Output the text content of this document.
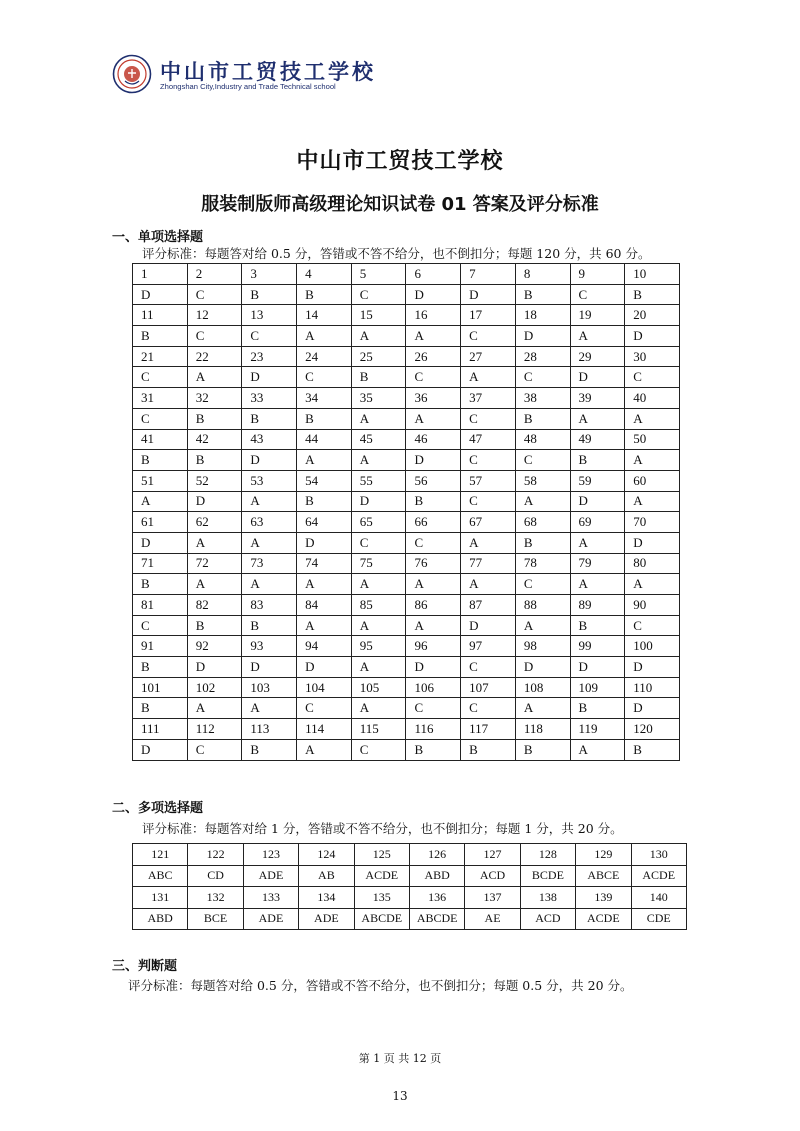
中山市工贸技工学校
Zhongshan City,Industry and Trade Technical school
中山市工贸技工学校
服装制版师高级理论知识试卷 01 答案及评分标准
一、单项选择题
评分标准：每题答对给 0.5 分，答错或不答不给分，也不倒扣分；每题 120 分，共 60 分。
1	2	3	4	5	6	7	8	9	10
D	C	B	B	C	D	D	B	C	B
11	12	13	14	15	16	17	18	19	20
B	C	C	A	A	A	C	D	A	D
21	22	23	24	25	26	27	28	29	30
C	A	D	C	B	C	A	C	D	C
31	32	33	34	35	36	37	38	39	40
C	B	B	B	A	A	C	B	A	A
41	42	43	44	45	46	47	48	49	50
B	B	D	A	A	D	C	C	B	A
51	52	53	54	55	56	57	58	59	60
A	D	A	B	D	B	C	A	D	A
61	62	63	64	65	66	67	68	69	70
D	A	A	D	C	C	A	B	A	D
71	72	73	74	75	76	77	78	79	80
B	A	A	A	A	A	A	C	A	A
81	82	83	84	85	86	87	88	89	90
C	B	B	A	A	A	D	A	B	C
91	92	93	94	95	96	97	98	99	100
B	D	D	D	A	D	C	D	D	D
101	102	103	104	105	106	107	108	109	110
B	A	A	C	A	C	C	A	B	D
111	112	113	114	115	116	117	118	119	120
D	C	B	A	C	B	B	B	A	B
二、多项选择题
评分标准：每题答对给 1 分，答错或不答不给分，也不倒扣分；每题 1 分，共 20 分。
121	122	123	124	125	126	127	128	129	130
ABC	CD	ADE	AB	ACDE	ABD	ACD	BCDE	ABCE	ACDE
131	132	133	134	135	136	137	138	139	140
ABD	BCE	ADE	ADE	ABCDE	ABCDE	AE	ACD	ACDE	CDE
三、判断题
评分标准：每题答对给 0.5 分，答错或不答不给分，也不倒扣分；每题 0.5 分，共 20 分。
第 1 页 共 12 页
13
